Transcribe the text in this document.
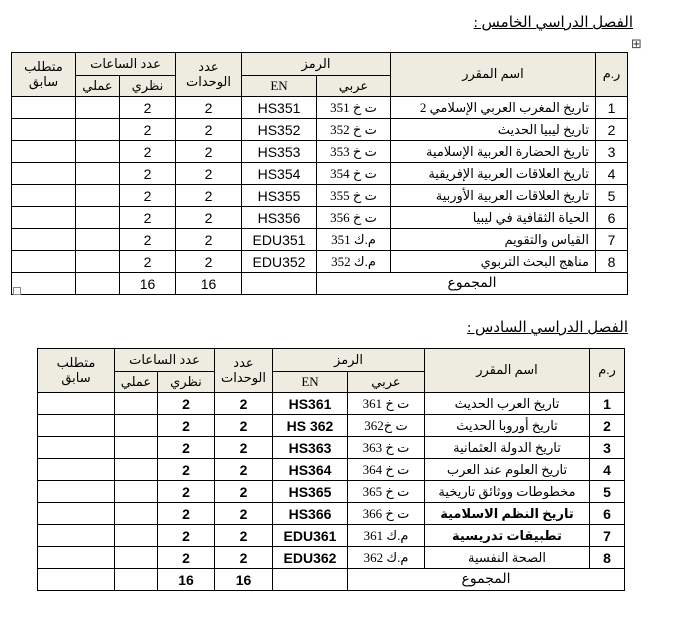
⊞
الفصل الدراسي الخامس :
ر.م	اسم المقرر	الرمز		عدد الوحدات	عدد الساعات		متطلب سابق
		عربي	EN		نظري	عملي	
1	تاريخ المغرب العربي الإسلامي 2	ت خ 351	HS351	2	2		
2	تاريخ ليبيا الحديث	ت خ 352	HS352	2	2		
3	تاريخ الحضارة العربية الإسلامية	ت خ 353	HS353	2	2		
4	تاريخ العلاقات العربية الإفريقية	ت خ 354	HS354	2	2		
5	تاريخ العلاقات العربية الأوربية	ت خ 355	HS355	2	2		
6	الحياة الثقافية في ليبيا	ت خ 356	HS356	2	2		
7	القياس والتقويم	م.ك 351	EDU351	2	2		
8	مناهج البحث التربوي	م.ك 352	EDU352	2	2		
المجموع				16	16		
الفصل الدراسي السادس :
ر.م	اسم المقرر	الرمز		عدد الوحدات	عدد الساعات		متطلب سابق
		عربي	EN		نظري	عملي	
1	تاريخ العرب الحديث	ت خ 361	HS361	2	2		
2	تاريخ أوروبا الحديث	ت خ362	HS 362	2	2		
3	تاريخ الدولة العثمانية	ت خ 363	HS363	2	2		
4	تاريخ العلوم عند العرب	ت خ 364	HS364	2	2		
5	مخطوطات ووثائق تاريخية	ت خ 365	HS365	2	2		
6	تاريخ النظم الاسلامية	ت خ 366	HS366	2	2		
7	تطبيقات تدريسية	م.ك 361	EDU361	2	2		
8	الصحة النفسية	م.ك 362	EDU362	2	2		
المجموع				16	16		
